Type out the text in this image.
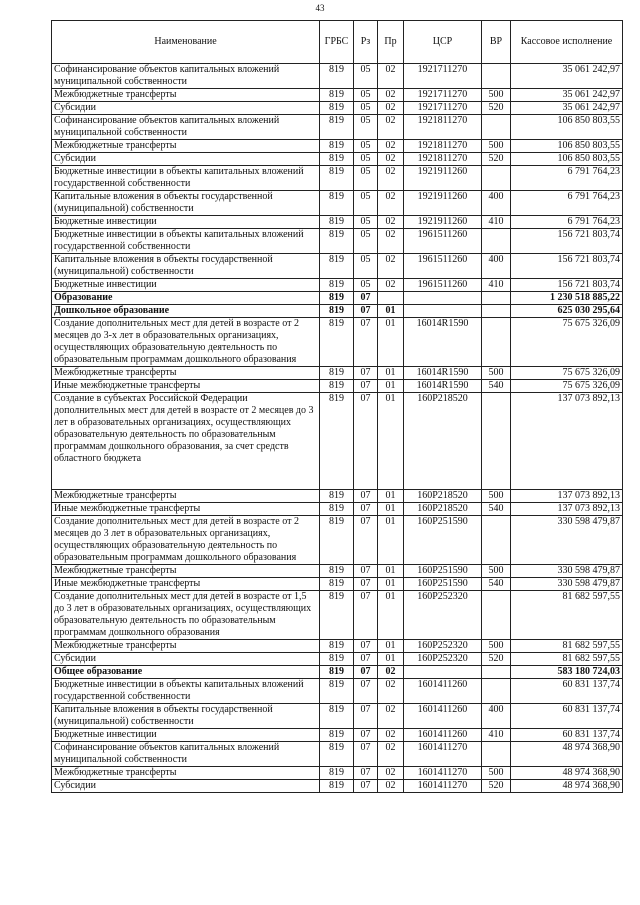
43
Наименование	ГРБС	Рз	Пр	ЦСР	ВР	Кассовое исполнение
Софинансирование объектов капитальных вложений муниципальной собственности	819	05	02	1921711270		35 061 242,97
Межбюджетные трансферты	819	05	02	1921711270	500	35 061 242,97
Субсидии	819	05	02	1921711270	520	35 061 242,97
Софинансирование объектов капитальных вложений муниципальной собственности	819	05	02	1921811270		106 850 803,55
Межбюджетные трансферты	819	05	02	1921811270	500	106 850 803,55
Субсидии	819	05	02	1921811270	520	106 850 803,55
Бюджетные инвестиции в объекты капитальных вложений государственной собственности	819	05	02	1921911260		6 791 764,23
Капитальные вложения в объекты государственной (муниципальной) собственности	819	05	02	1921911260	400	6 791 764,23
Бюджетные инвестиции	819	05	02	1921911260	410	6 791 764,23
Бюджетные инвестиции в объекты капитальных вложений государственной собственности	819	05	02	1961511260		156 721 803,74
Капитальные вложения в объекты государственной (муниципальной) собственности	819	05	02	1961511260	400	156 721 803,74
Бюджетные инвестиции	819	05	02	1961511260	410	156 721 803,74
Образование	819	07				1 230 518 885,22
Дошкольное образование	819	07	01			625 030 295,64
Создание дополнительных мест для детей в возрасте от 2 месяцев до 3-х лет в образовательных организациях, осуществляющих образовательную деятельность по образовательным программам дошкольного образования	819	07	01	16014R1590		75 675 326,09
Межбюджетные трансферты	819	07	01	16014R1590	500	75 675 326,09
Иные межбюджетные трансферты	819	07	01	16014R1590	540	75 675 326,09
Создание в субъектах Российской Федерации дополнительных мест для детей в возрасте от 2 месяцев до 3 лет в образовательных организациях, осуществляющих образовательную деятельность по образовательным программам дошкольного образования, за счет средств областного бюджета	819	07	01	160P218520		137 073 892,13
Межбюджетные трансферты	819	07	01	160P218520	500	137 073 892,13
Иные межбюджетные трансферты	819	07	01	160P218520	540	137 073 892,13
Создание дополнительных мест для детей в возрасте от 2 месяцев до 3 лет в образовательных организациях, осуществляющих образовательную деятельность по образовательным программам дошкольного образования	819	07	01	160P251590		330 598 479,87
Межбюджетные трансферты	819	07	01	160P251590	500	330 598 479,87
Иные межбюджетные трансферты	819	07	01	160P251590	540	330 598 479,87
Создание дополнительных мест для детей в возрасте от 1,5 до 3 лет в образовательных организациях, осуществляющих образовательную деятельность по образовательным программам дошкольного образования	819	07	01	160P252320		81 682 597,55
Межбюджетные трансферты	819	07	01	160P252320	500	81 682 597,55
Субсидии	819	07	01	160P252320	520	81 682 597,55
Общее образование	819	07	02			583 180 724,03
Бюджетные инвестиции в объекты капитальных вложений государственной собственности	819	07	02	1601411260		60 831 137,74
Капитальные вложения в объекты государственной (муниципальной) собственности	819	07	02	1601411260	400	60 831 137,74
Бюджетные инвестиции	819	07	02	1601411260	410	60 831 137,74
Софинансирование объектов капитальных вложений муниципальной собственности	819	07	02	1601411270		48 974 368,90
Межбюджетные трансферты	819	07	02	1601411270	500	48 974 368,90
Субсидии	819	07	02	1601411270	520	48 974 368,90
